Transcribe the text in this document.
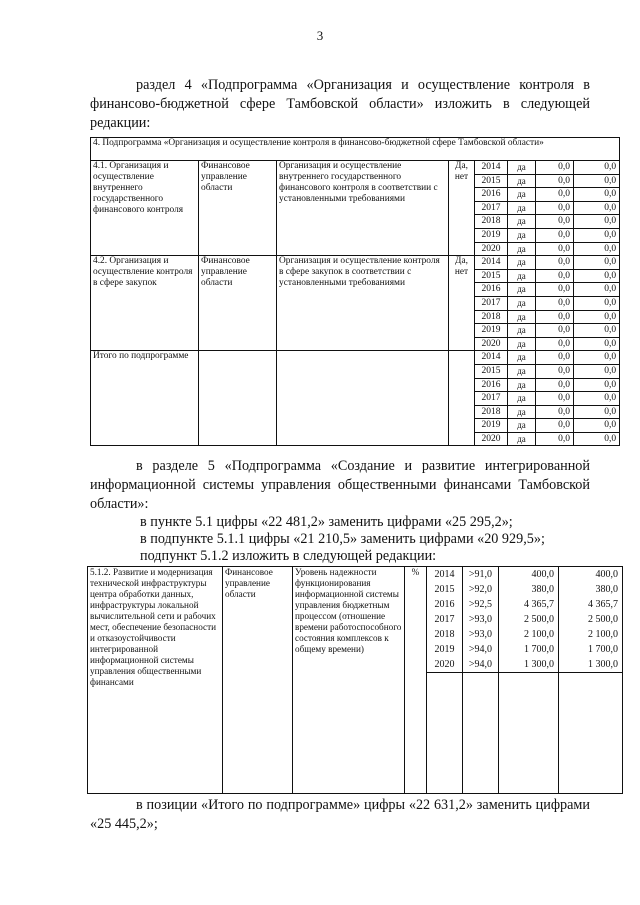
3
раздел 4 «Подпрограмма «Организация и осуществление контроля в финансово-бюджетной сфере Тамбовской области» изложить в следующей редакции:
4. Подпрограмма «Организация и осуществление контроля в финансово-бюджетной сфере Тамбовской области»							
4.1. Организация и осуществление внутреннего государственного финансового контроля	Финансовое управление области	Организация и осуществление внутреннего государственного финансового контроля в соответствии с установленными требованиями	Да, нет	2014	да	0,0	0,0
				2015	да	0,0	0,0
				2016	да	0,0	0,0
				2017	да	0,0	0,0
				2018	да	0,0	0,0
				2019	да	0,0	0,0
				2020	да	0,0	0,0
4.2. Организация и осуществление контроля в сфере закупок	Финансовое управление области	Организация и осуществление контроля в сфере закупок в соответствии с установленными требованиями	Да, нет	2014	да	0,0	0,0
				2015	да	0,0	0,0
				2016	да	0,0	0,0
				2017	да	0,0	0,0
				2018	да	0,0	0,0
				2019	да	0,0	0,0
				2020	да	0,0	0,0
Итого по подпрограмме				2014	да	0,0	0,0
				2015	да	0,0	0,0
				2016	да	0,0	0,0
				2017	да	0,0	0,0
				2018	да	0,0	0,0
				2019	да	0,0	0,0
				2020	да	0,0	0,0
в разделе 5 «Подпрограмма «Создание и развитие интегрированной информационной системы управления общественными финансами Тамбовской области»:
в пункте 5.1 цифры «22 481,2» заменить цифрами «25 295,2»;
в подпункте 5.1.1 цифры «21 210,5» заменить цифрами «20 929,5»;
подпункт 5.1.2 изложить в следующей редакции:
5.1.2. Развитие и модернизация технической инфраструктуры центра обработки данных, инфраструктуры локальной вычислительной сети и рабочих мест, обеспечение безопасности и отказоустойчивости интегрированной информационной системы управления общественными финансами	Финансовое управление области	Уровень надежности функционирования информационной системы управления бюджетным процессом (отношение времени работоспособного состояния комплексов к общему времени)	%	2014	>91,0	400,0	400,0
				2015	>92,0	380,0	380,0
				2016	>92,5	4 365,7	4 365,7
				2017	>93,0	2 500,0	2 500,0
				2018	>93,0	2 100,0	2 100,0
				2019	>94,0	1 700,0	1 700,0
				2020	>94,0	1 300,0	1 300,0

в позиции «Итого по подпрограмме» цифры «22 631,2» заменить цифрами «25 445,2»;
